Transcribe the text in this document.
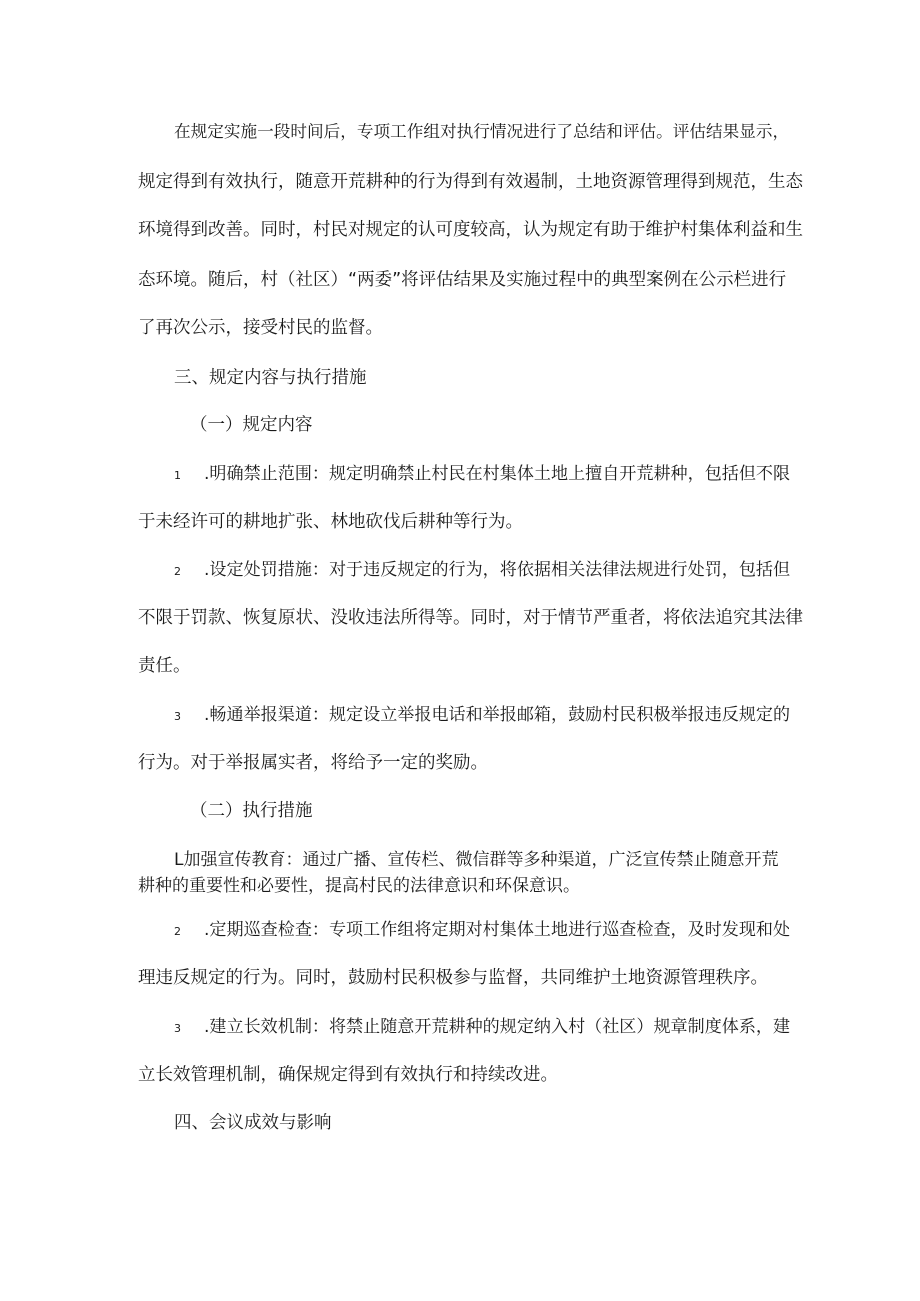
在规定实施一段时间后，专项工作组对执行情况进行了总结和评估。评估结果显示，

规定得到有效执行，随意开荒耕种的行为得到有效遏制，土地资源管理得到规范，生态

环境得到改善。同时，村民对规定的认可度较高，认为规定有助于维护村集体利益和生

态环境。随后，村（社区）“两委”将评估结果及实施过程中的典型案例在公示栏进行

了再次公示，接受村民的监督。

三、规定内容与执行措施

（一）规定内容

1 .明确禁止范围：规定明确禁止村民在村集体土地上擅自开荒耕种，包括但不限

于未经许可的耕地扩张、林地砍伐后耕种等行为。

2 .设定处罚措施：对于违反规定的行为，将依据相关法律法规进行处罚，包括但

不限于罚款、恢复原状、没收违法所得等。同时，对于情节严重者，将依法追究其法律

责任。

3 .畅通举报渠道：规定设立举报电话和举报邮箱，鼓励村民积极举报违反规定的

行为。对于举报属实者，将给予一定的奖励。

（二）执行措施

L加强宣传教育：通过广播、宣传栏、微信群等多种渠道，广泛宣传禁止随意开荒

耕种的重要性和必要性，提高村民的法律意识和环保意识。

2 .定期巡查检查：专项工作组将定期对村集体土地进行巡查检查，及时发现和处

理违反规定的行为。同时，鼓励村民积极参与监督，共同维护土地资源管理秩序。

3 .建立长效机制：将禁止随意开荒耕种的规定纳入村（社区）规章制度体系，建

立长效管理机制，确保规定得到有效执行和持续改进。

四、会议成效与影响
